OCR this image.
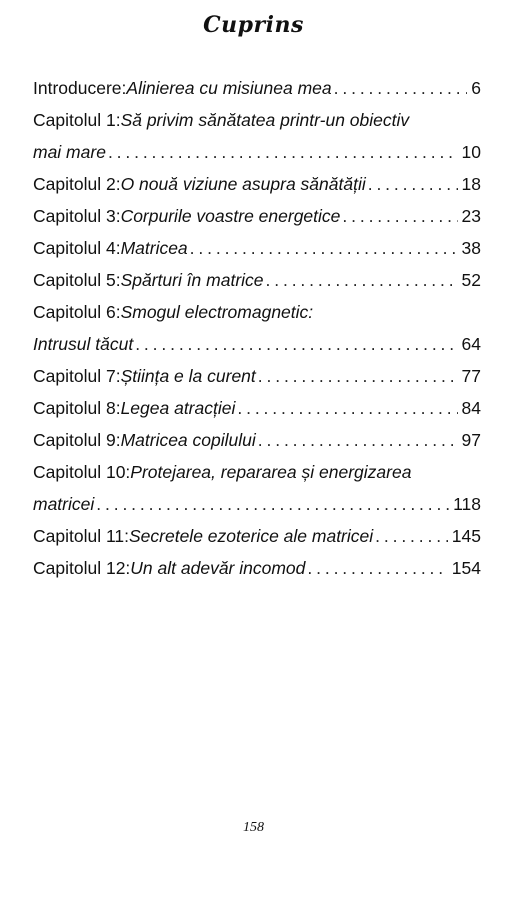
Cuprins
Introducere: Alinierea cu misiunea mea . . .	6
Capitolul 1: Să privim sănătatea printr-un obiectiv
mai mare . . .	10
Capitolul 2: O nouă viziune asupra sănătății . . .	18
Capitolul 3: Corpurile voastre energetice . . .	23
Capitolul 4: Matricea . . .	38
Capitolul 5: Spărturi în matrice . . .	52
Capitolul 6: Smogul electromagnetic:
Intrusul tăcut . . .	64
Capitolul 7: Știința e la curent . . .	77
Capitolul 8: Legea atracției . . .	84
Capitolul 9: Matricea copilului . . .	97
Capitolul 10: Protejarea, repararea și energizarea
matricei . . .	118
Capitolul 11: Secretele ezoterice ale matricei . . .	145
Capitolul 12: Un alt adevăr incomod . . .	154
158
